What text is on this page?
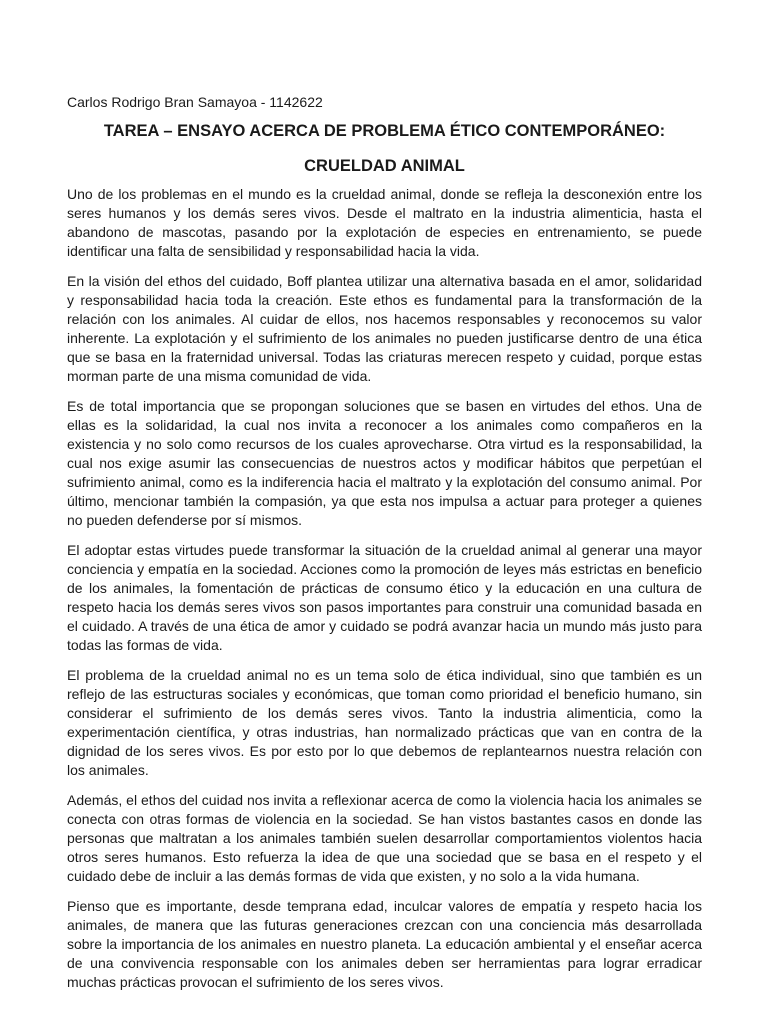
Carlos Rodrigo Bran Samayoa - 1142622

TAREA – ENSAYO ACERCA DE PROBLEMA ÉTICO CONTEMPORÁNEO:
CRUELDAD ANIMAL

Uno de los problemas en el mundo es la crueldad animal, donde se refleja la desconexión entre los seres humanos y los demás seres vivos. Desde el maltrato en la industria alimenticia, hasta el abandono de mascotas, pasando por la explotación de especies en entrenamiento, se puede identificar una falta de sensibilidad y responsabilidad hacia la vida.

En la visión del ethos del cuidado, Boff plantea utilizar una alternativa basada en el amor, solidaridad y responsabilidad hacia toda la creación. Este ethos es fundamental para la transformación de la relación con los animales. Al cuidar de ellos, nos hacemos responsables y reconocemos su valor inherente. La explotación y el sufrimiento de los animales no pueden justificarse dentro de una ética que se basa en la fraternidad universal. Todas las criaturas merecen respeto y cuidad, porque estas morman parte de una misma comunidad de vida.

Es de total importancia que se propongan soluciones que se basen en virtudes del ethos. Una de ellas es la solidaridad, la cual nos invita a reconocer a los animales como compañeros en la existencia y no solo como recursos de los cuales aprovecharse. Otra virtud es la responsabilidad, la cual nos exige asumir las consecuencias de nuestros actos y modificar hábitos que perpetúan el sufrimiento animal, como es la indiferencia hacia el maltrato y la explotación del consumo animal. Por último, mencionar también la compasión, ya que esta nos impulsa a actuar para proteger a quienes no pueden defenderse por sí mismos.

El adoptar estas virtudes puede transformar la situación de la crueldad animal al generar una mayor conciencia y empatía en la sociedad. Acciones como la promoción de leyes más estrictas en beneficio de los animales, la fomentación de prácticas de consumo ético y la educación en una cultura de respeto hacia los demás seres vivos son pasos importantes para construir una comunidad basada en el cuidado. A través de una ética de amor y cuidado se podrá avanzar hacia un mundo más justo para todas las formas de vida.

El problema de la crueldad animal no es un tema solo de ética individual, sino que también es un reflejo de las estructuras sociales y económicas, que toman como prioridad el beneficio humano, sin considerar el sufrimiento de los demás seres vivos. Tanto la industria alimenticia, como la experimentación científica, y otras industrias, han normalizado prácticas que van en contra de la dignidad de los seres vivos. Es por esto por lo que debemos de replantearnos nuestra relación con los animales.

Además, el ethos del cuidad nos invita a reflexionar acerca de como la violencia hacia los animales se conecta con otras formas de violencia en la sociedad. Se han vistos bastantes casos en donde las personas que maltratan a los animales también suelen desarrollar comportamientos violentos hacia otros seres humanos. Esto refuerza la idea de que una sociedad que se basa en el respeto y el cuidado debe de incluir a las demás formas de vida que existen, y no solo a la vida humana.

Pienso que es importante, desde temprana edad, inculcar valores de empatía y respeto hacia los animales, de manera que las futuras generaciones crezcan con una conciencia más desarrollada sobre la importancia de los animales en nuestro planeta. La educación ambiental y el enseñar acerca de una convivencia responsable con los animales deben ser herramientas para lograr erradicar muchas prácticas provocan el sufrimiento de los seres vivos.
